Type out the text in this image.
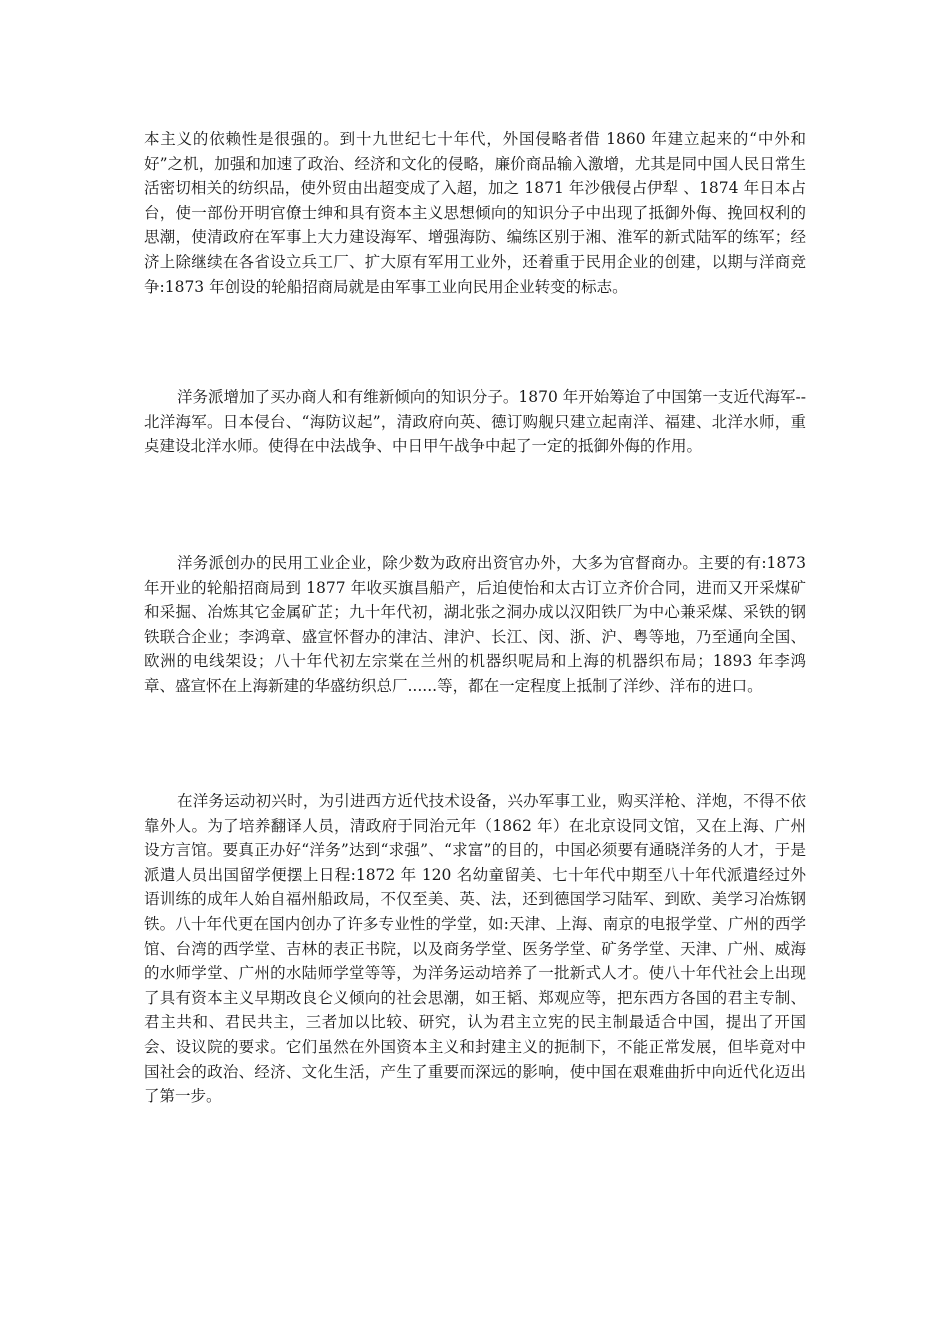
本主义的依赖性是很强的。到十九世纪七十年代，外国侵略者借 1860 年建立起来的“中外和好”之机，加强和加速了政治、经济和文化的侵略，廉价商品输入激增，尤其是同中国人民日常生活密切相关的纺织品，使外贸由出超变成了入超，加之 1871 年沙俄侵占伊犁 、1874 年日本占台，使一部份开明官僚士绅和具有资本主义思想倾向的知识分子中出现了抵御外侮、挽回权利的思潮，使清政府在军事上大力建设海军、增强海防、编练区别于湘、淮军的新式陆军的练军；经济上除继续在各省设立兵工厂、扩大原有军用工业外，还着重于民用企业的创建，以期与洋商竞争:1873 年创设的轮船招商局就是由军事工业向民用企业转变的标志。

洋务派增加了买办商人和有维新倾向的知识分子。1870 年开始筹迨了中国第一支近代海军--北洋海军。日本侵台、“海防议起”，清政府向英、德订购舰只建立起南洋、福建、北洋水师，重奌建设北洋水师。使得在中法战争、中日甲午战争中起了一定的抵御外侮的作用。

洋务派创办的民用工业企业，除少数为政府出资官办外，大多为官督商办。主要的有:1873 年开业的轮船招商局到 1877 年收买旗昌船产，后迫使怡和太古订立齐价合同，进而又开采煤矿和采掘、冶炼其它金属矿芷；九十年代初，湖北张之洞办成以汉阳铁厂为中心兼采煤、采铁的钢铁联合企业；李鸿章、盛宣怀督办的津沽、津沪、长江、闵、浙、沪、粤等地，乃至通向全国、欧洲的电线架设；八十年代初左宗棠在兰州的机器织呢局和上海的机器织布局；1893 年李鸿章、盛宣怀在上海新建的华盛纺织总厂......等，都在一定程度上抵制了洋纱、洋布的进口。

在洋务运动初兴时，为引进西方近代技术设备，兴办军事工业，购买洋枪、洋炮，不得不依靠外人。为了培养翻译人员，清政府于同治元年（1862 年）在北京设同文馆，又在上海、广州设方言馆。要真正办好“洋务”达到“求强”、“求富”的目的，中国必须要有通晓洋务的人才，于是派遣人员出国留学便摆上日程:1872 年 120 名幼童留美、七十年代中期至八十年代派遣经过外语训练的成年人始自福州船政局，不仅至美、英、法，还到德国学习陆军、到欧、美学习冶炼钢铁。八十年代更在国内创办了许多专业性的学堂，如:天津、上海、南京的电报学堂、广州的西学馆、台湾的西学堂、吉林的表正书院，以及商务学堂、医务学堂、矿务学堂、天津、广州、威海的水师学堂、广州的水陆师学堂等等，为洋务运动培养了一批新式人才。使八十年代社会上出现了具有资本主义早期改良仑义倾向的社会思潮，如王韬、郑观应等，把东西方各国的君主专制、君主共和、君民共主，三者加以比较、研究，认为君主立宪的民主制最适合中国，提出了开国会、设议院的要求。它们虽然在外国资本主义和封建主义的扼制下，不能正常发展，但毕竟对中国社会的政治、经济、文化生活，产生了重要而深远的影响，使中国在艰难曲折中向近代化迈出了第一步。
